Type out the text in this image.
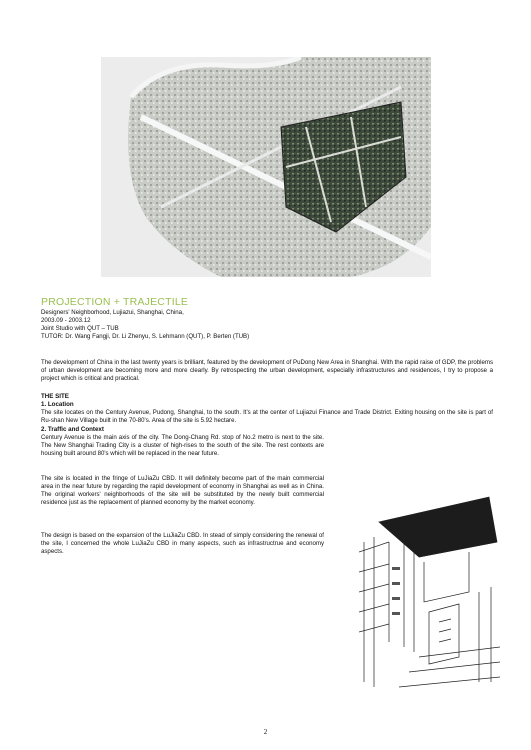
PROJECTION + TRAJECTILE
Designers' Neighborhood, Lujiazui, Shanghai, China,
2003.09 - 2003.12
Joint Studio with QUT – TUB
TUTOR: Dr. Wang Fangji, Dr. Li Zhenyu, S. Lehmann (QUT), P. Berten (TUB)
The development of China in the last twenty years is brilliant, featured by the development of PuDong New Area in Shanghai. With the rapid raise of GDP, the problems of urban development are becoming more and more clearly. By retrospecting the urban development, especially infrastructures and residences, I try to propose a project which is critical and practical.
THE SITE
1. Location
The site locates on the Century Avenue, Pudong, Shanghai, to the south. It's at the center of Lujiazui Finance and Trade District. Exiting housing on the site is part of Ru-shan New Village built in the 70-80's. Area of the site is 5.92 hectare.
2. Traffic and Context
Century Avenue is the main axis of the city. The Dong-Chang Rd. stop of No.2 metro is next to the site. The New Shanghai Trading City is a cluster of high-rises to the south of the site. The rest contexts are housing built around 80's which will be replaced in the near future.
The site is located in the fringe of LuJiaZu CBD. It will definitely become part of the main commercial area in the near future by regarding the rapid development of economy in Shanghai as well as in China. The original workers' neighborhoods of the site will be substituted by the newly built commercial residence just as the replacement of planned economy by the market economy.
The design is based on the expansion of the LuJiaZu CBD. In stead of simply considering the renewal of the site, I concerned the whole LuJiaZu CBD in many aspects, such as infrastructrue and economy aspects.
2
